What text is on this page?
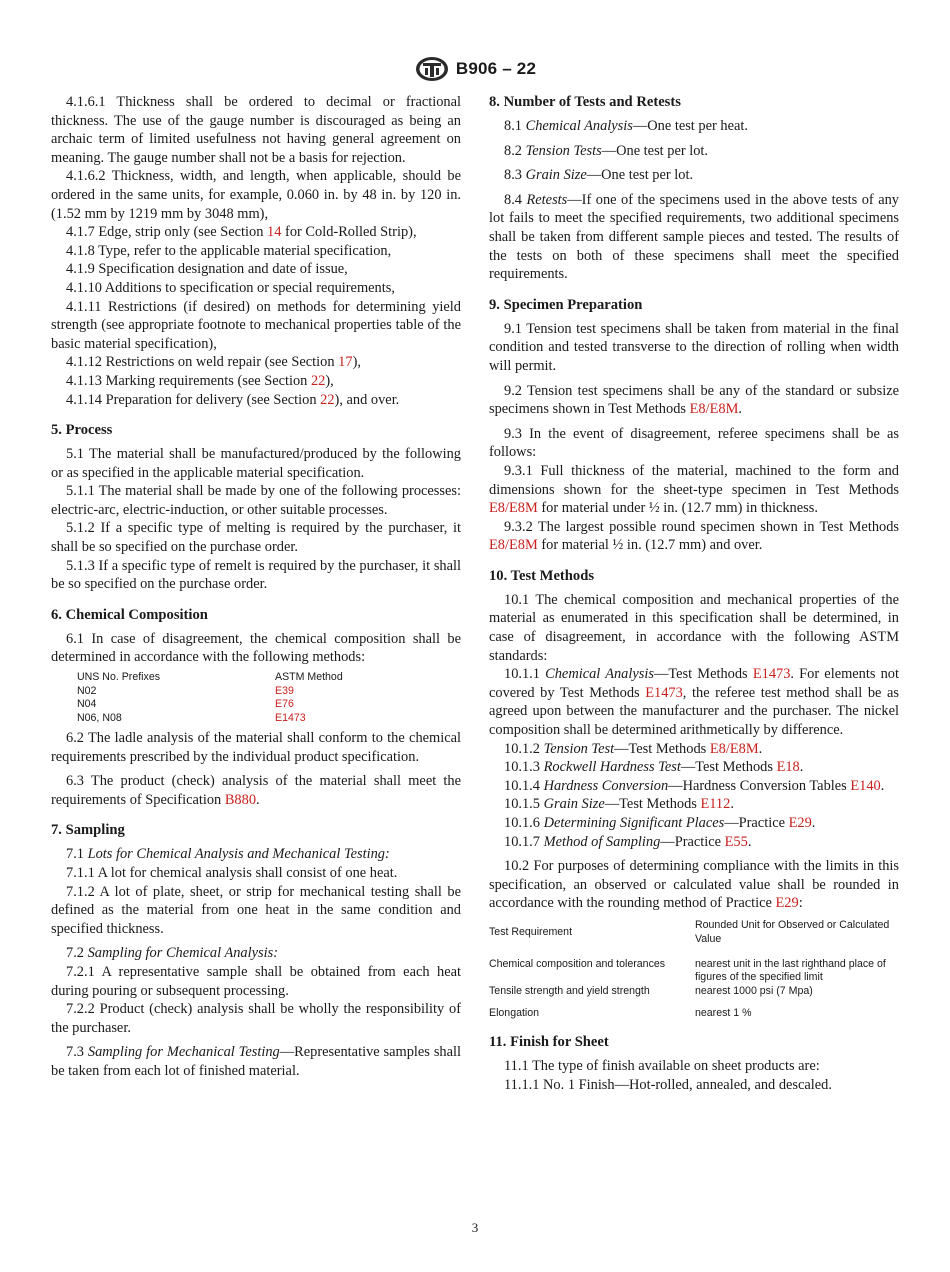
B906 – 22

4.1.6.1 Thickness shall be ordered to decimal or fractional thickness. The use of the gauge number is discouraged as being an archaic term of limited usefulness not having general agreement on meaning. The gauge number shall not be a basis for rejection.

4.1.6.2 Thickness, width, and length, when applicable, should be ordered in the same units, for example, 0.060 in. by 48 in. by 120 in. (1.52 mm by 1219 mm by 3048 mm),

4.1.7 Edge, strip only (see Section 14 for Cold-Rolled Strip),

4.1.8 Type, refer to the applicable material specification,

4.1.9 Specification designation and date of issue,

4.1.10 Additions to specification or special requirements,

4.1.11 Restrictions (if desired) on methods for determining yield strength (see appropriate footnote to mechanical properties table of the basic material specification),

4.1.12 Restrictions on weld repair (see Section 17),

4.1.13 Marking requirements (see Section 22),

4.1.14 Preparation for delivery (see Section 22), and over.

5. Process

5.1 The material shall be manufactured/produced by the following or as specified in the applicable material specification.

5.1.1 The material shall be made by one of the following processes: electric-arc, electric-induction, or other suitable processes.

5.1.2 If a specific type of melting is required by the purchaser, it shall be so specified on the purchase order.

5.1.3 If a specific type of remelt is required by the purchaser, it shall be so specified on the purchase order.

6. Chemical Composition

6.1 In case of disagreement, the chemical composition shall be determined in accordance with the following methods:

UNS No. Prefixes	ASTM Method
N02	E39
N04	E76
N06, N08	E1473

6.2 The ladle analysis of the material shall conform to the chemical requirements prescribed by the individual product specification.

6.3 The product (check) analysis of the material shall meet the requirements of Specification B880.

7. Sampling

7.1 Lots for Chemical Analysis and Mechanical Testing:

7.1.1 A lot for chemical analysis shall consist of one heat.

7.1.2 A lot of plate, sheet, or strip for mechanical testing shall be defined as the material from one heat in the same condition and specified thickness.

7.2 Sampling for Chemical Analysis:

7.2.1 A representative sample shall be obtained from each heat during pouring or subsequent processing.

7.2.2 Product (check) analysis shall be wholly the responsibility of the purchaser.

7.3 Sampling for Mechanical Testing—Representative samples shall be taken from each lot of finished material.

8. Number of Tests and Retests

8.1 Chemical Analysis—One test per heat.

8.2 Tension Tests—One test per lot.

8.3 Grain Size—One test per lot.

8.4 Retests—If one of the specimens used in the above tests of any lot fails to meet the specified requirements, two additional specimens shall be taken from different sample pieces and tested. The results of the tests on both of these specimens shall meet the specified requirements.

9. Specimen Preparation

9.1 Tension test specimens shall be taken from material in the final condition and tested transverse to the direction of rolling when width will permit.

9.2 Tension test specimens shall be any of the standard or subsize specimens shown in Test Methods E8/E8M.

9.3 In the event of disagreement, referee specimens shall be as follows:

9.3.1 Full thickness of the material, machined to the form and dimensions shown for the sheet-type specimen in Test Methods E8/E8M for material under ½ in. (12.7 mm) in thickness.

9.3.2 The largest possible round specimen shown in Test Methods E8/E8M for material ½ in. (12.7 mm) and over.

10. Test Methods

10.1 The chemical composition and mechanical properties of the material as enumerated in this specification shall be determined, in case of disagreement, in accordance with the following ASTM standards:

10.1.1 Chemical Analysis—Test Methods E1473. For elements not covered by Test Methods E1473, the referee test method shall be as agreed upon between the manufacturer and the purchaser. The nickel composition shall be determined arithmetically by difference.

10.1.2 Tension Test—Test Methods E8/E8M.

10.1.3 Rockwell Hardness Test—Test Methods E18.

10.1.4 Hardness Conversion—Hardness Conversion Tables E140.

10.1.5 Grain Size—Test Methods E112.

10.1.6 Determining Significant Places—Practice E29.

10.1.7 Method of Sampling—Practice E55.

10.2 For purposes of determining compliance with the limits in this specification, an observed or calculated value shall be rounded in accordance with the rounding method of Practice E29:

Test Requirement	Rounded Unit for Observed or Calculated Value
Chemical composition and tolerances	nearest unit in the last righthand place of figures of the specified limit
Tensile strength and yield strength	nearest 1000 psi (7 Mpa)
Elongation	nearest 1 %
11. Finish for Sheet

11.1 The type of finish available on sheet products are:

11.1.1 No. 1 Finish—Hot-rolled, annealed, and descaled.

3
